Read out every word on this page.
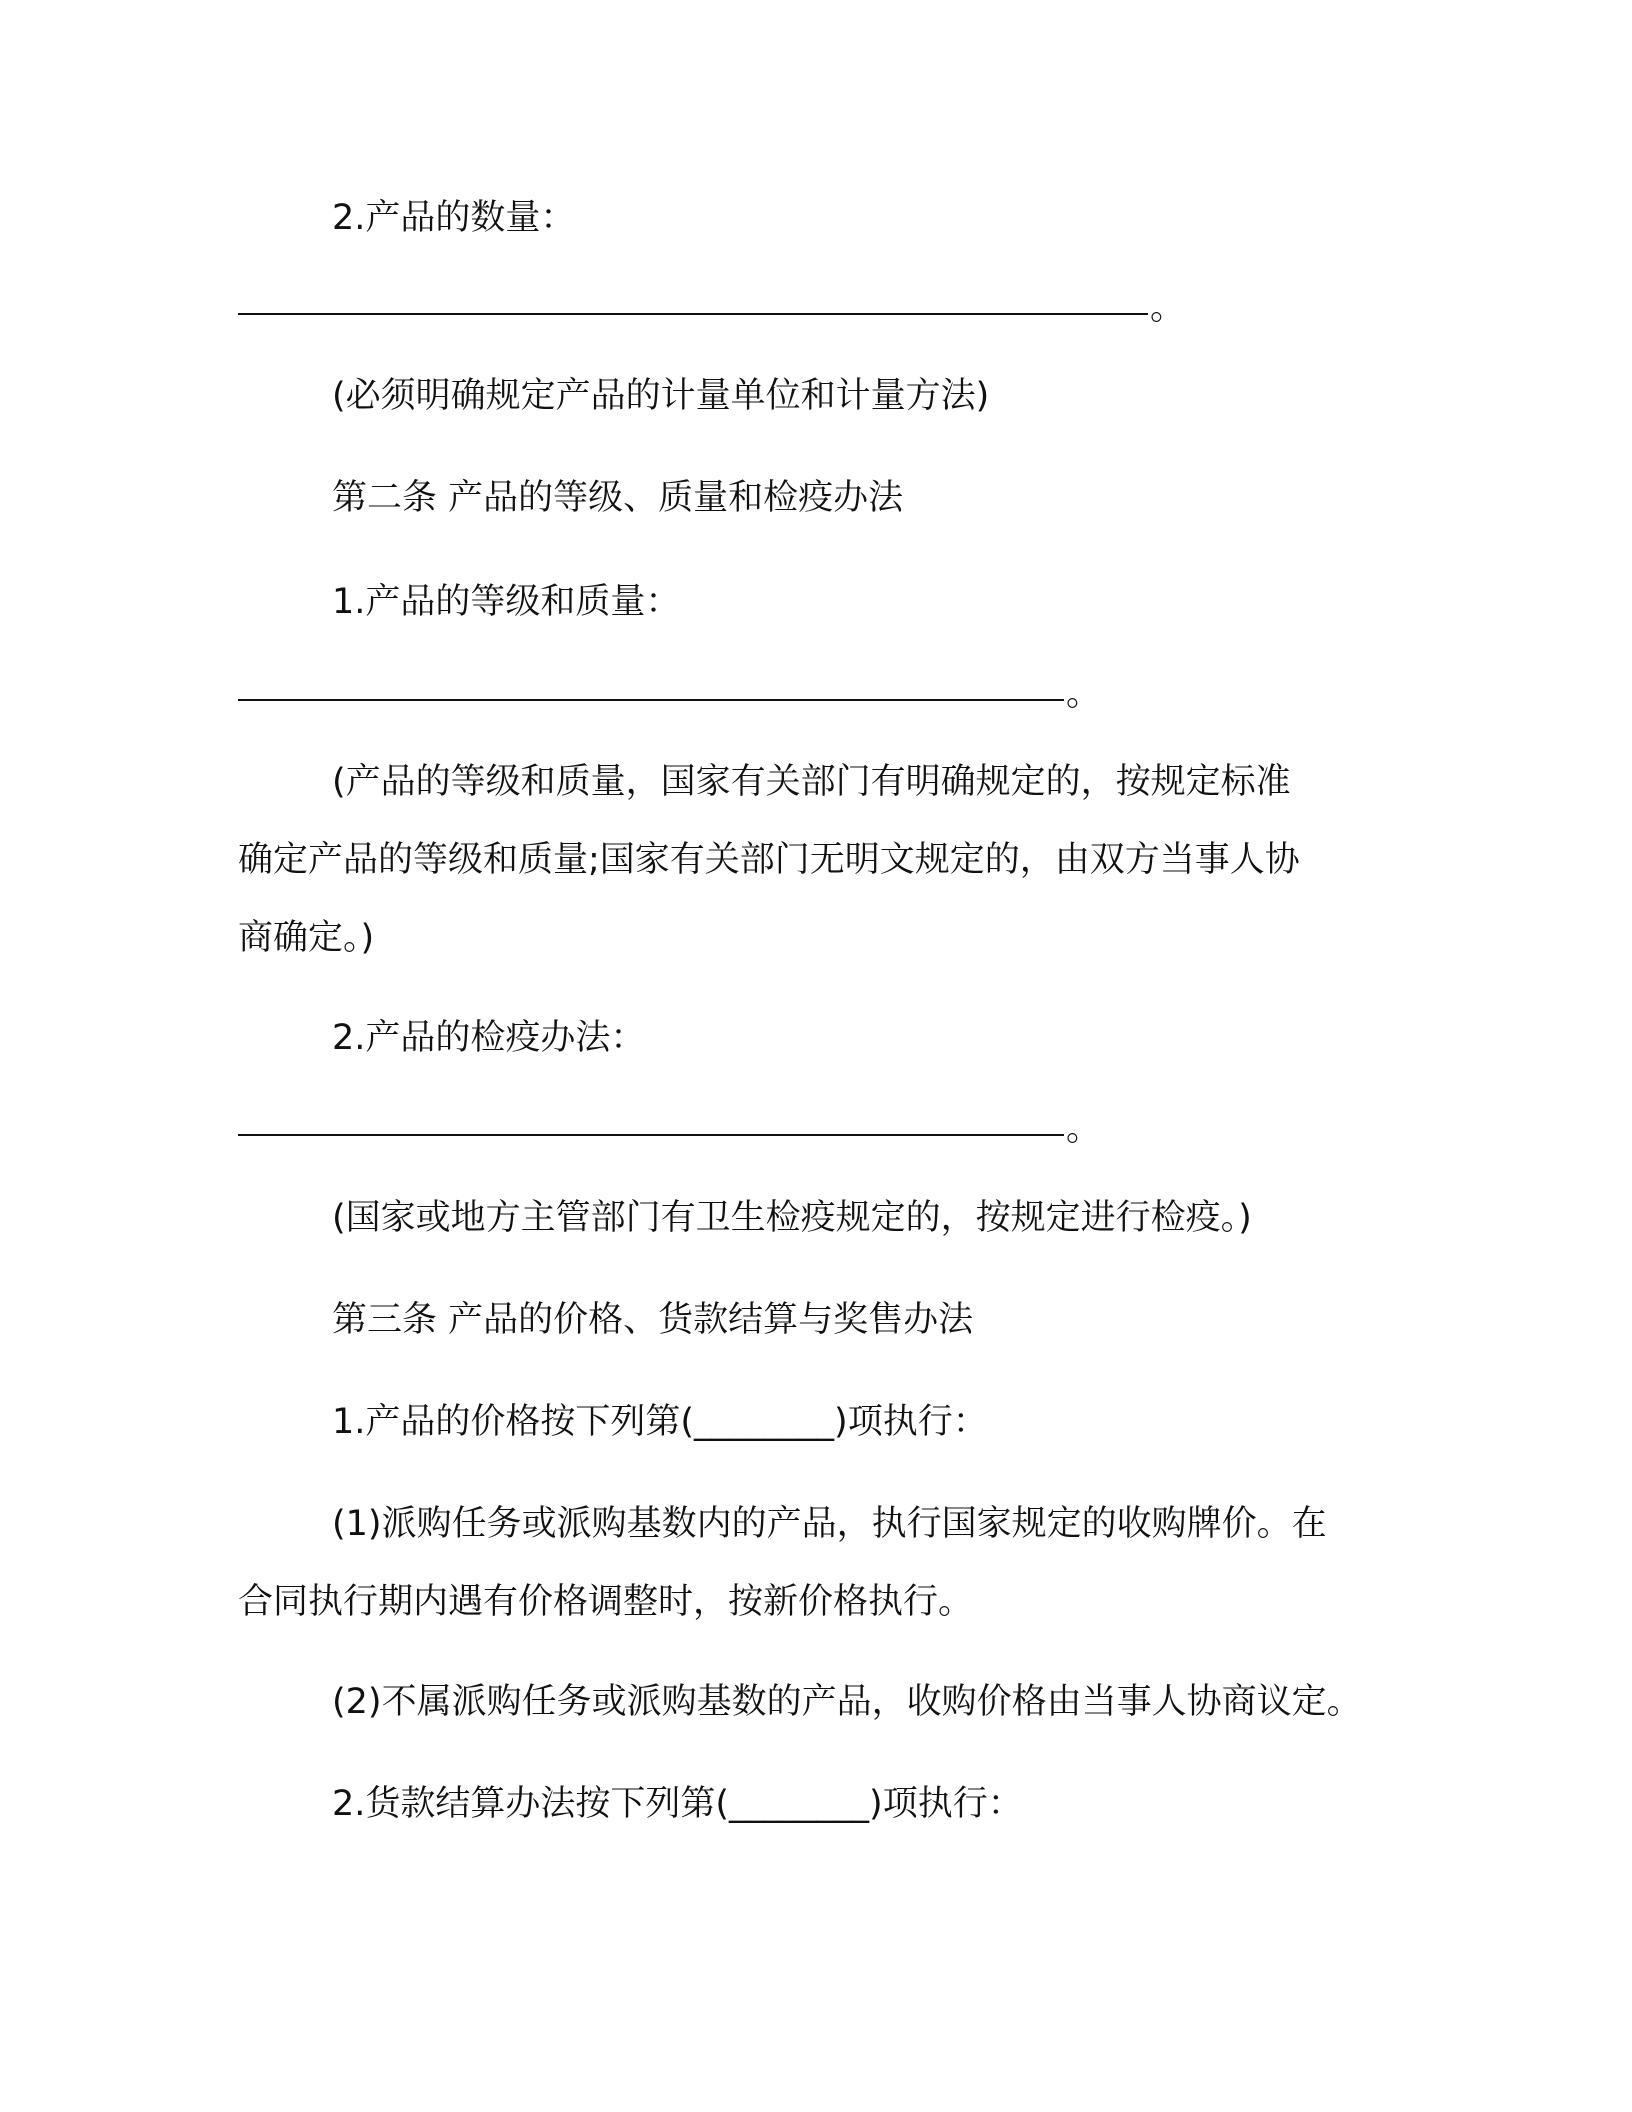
2.产品的数量：
。
(必须明确规定产品的计量单位和计量方法)
第二条 产品的等级、质量和检疫办法
1.产品的等级和质量：
。
(产品的等级和质量，国家有关部门有明确规定的，按规定标准
确定产品的等级和质量;国家有关部门无明文规定的，由双方当事人协
商确定。)
2.产品的检疫办法：
。
(国家或地方主管部门有卫生检疫规定的，按规定进行检疫。)
第三条 产品的价格、货款结算与奖售办法
1.产品的价格按下列第(________)项执行：
(1)派购任务或派购基数内的产品，执行国家规定的收购牌价。在
合同执行期内遇有价格调整时，按新价格执行。
(2)不属派购任务或派购基数的产品，收购价格由当事人协商议定。
2.货款结算办法按下列第(________)项执行：
